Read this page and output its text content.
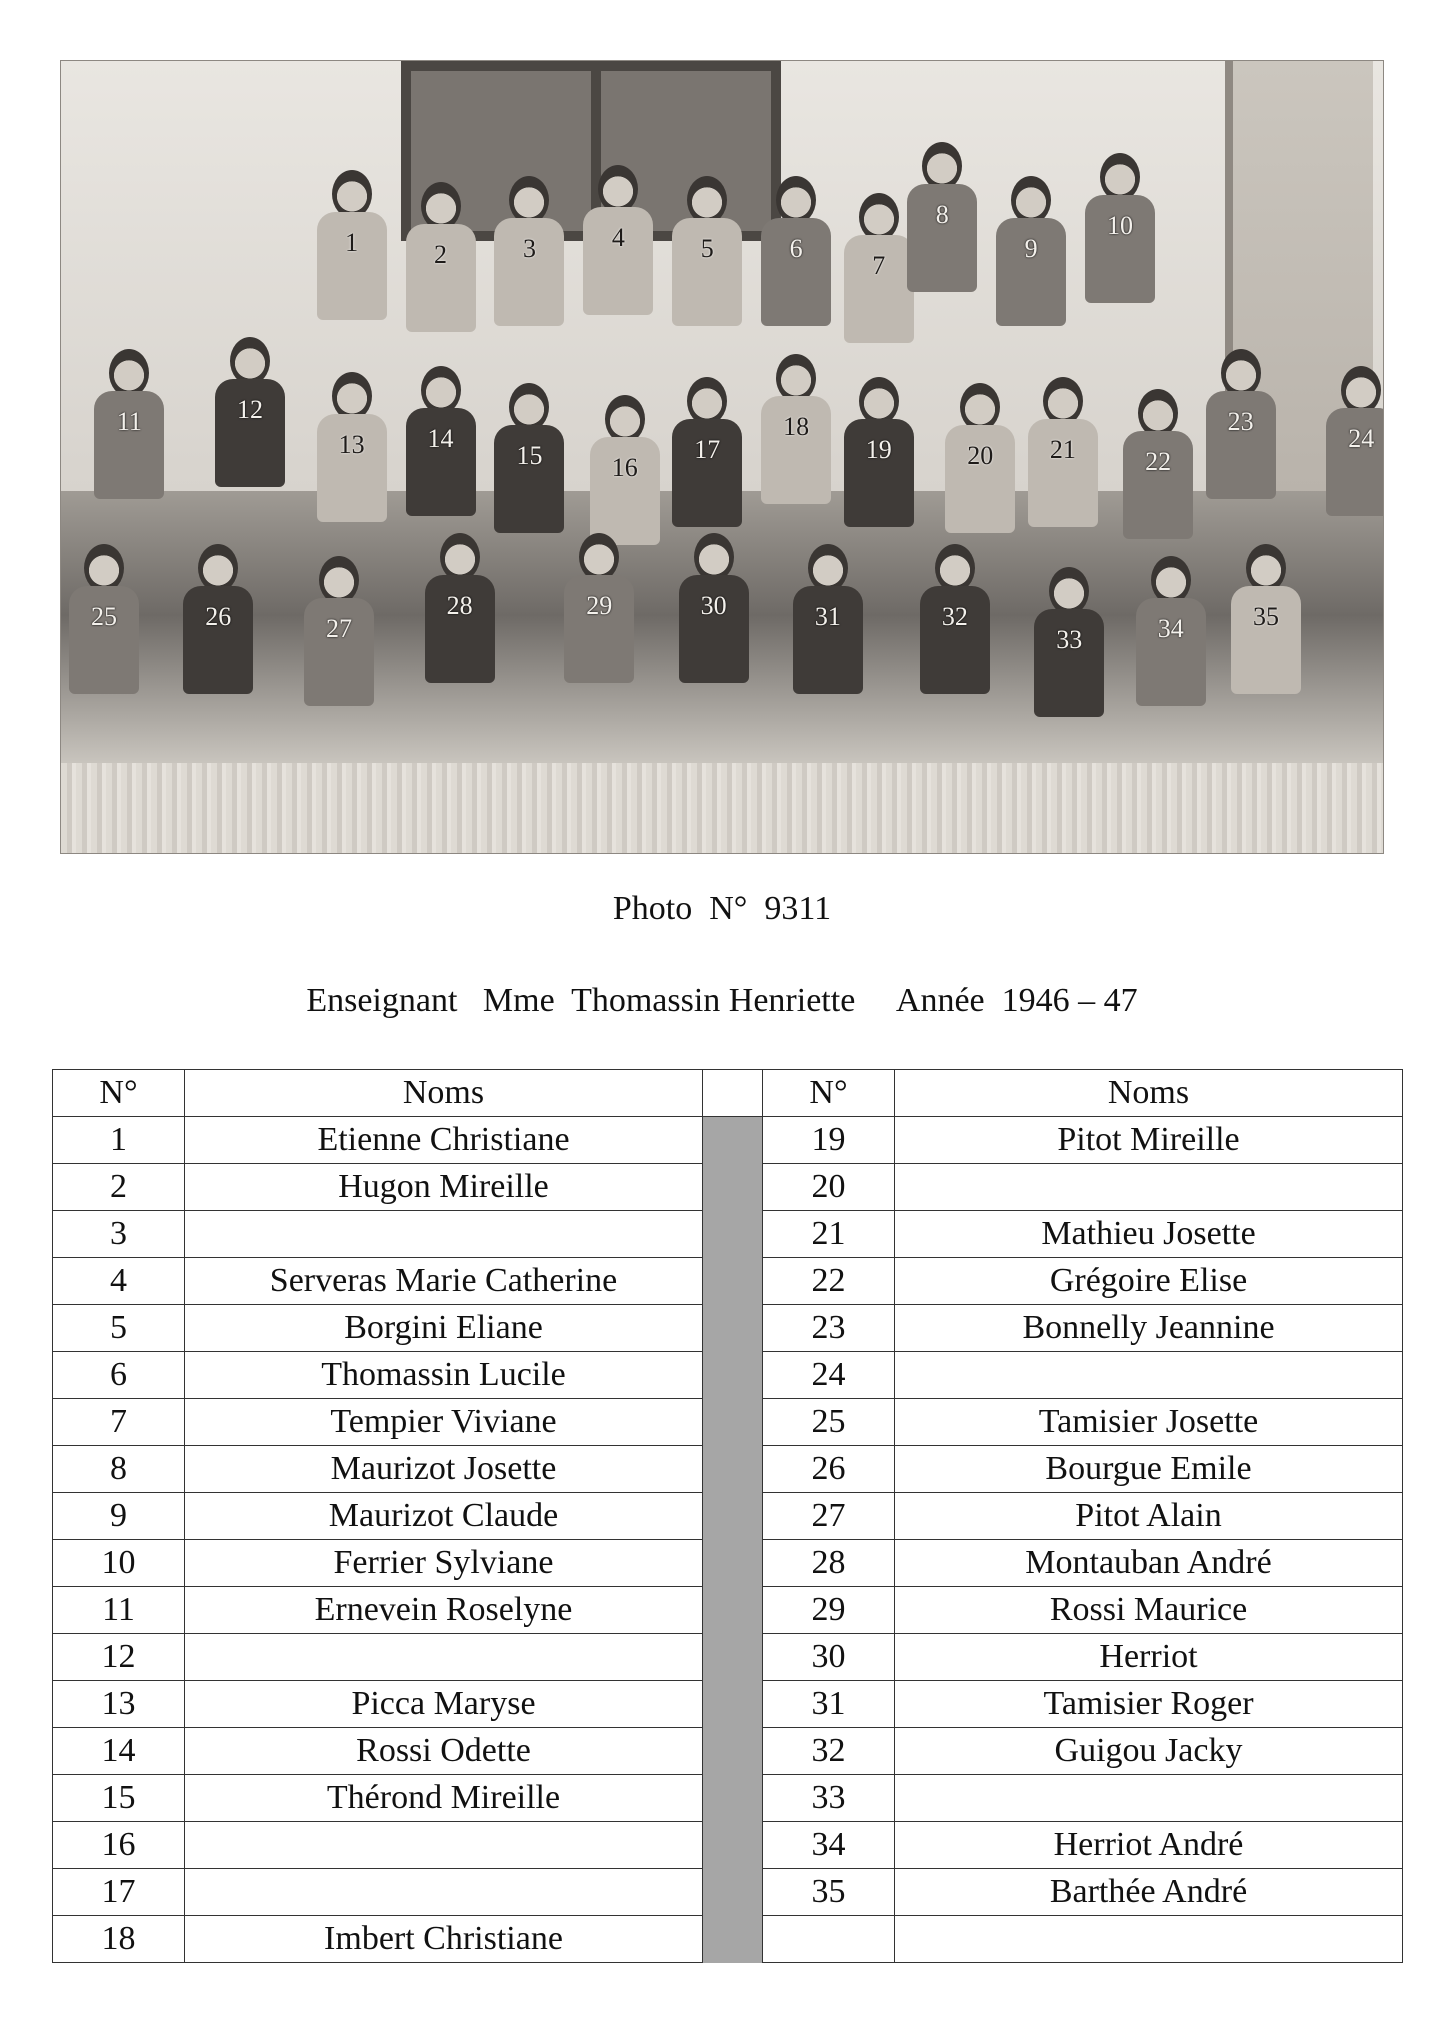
1	2	3	4	5	6
7
8
9
10
11	12
13	14
15	16
17
18
19	20	21	22
23
24
25	26	27
28	29	30	31	32
33	34	35
Photo N° 9311
Enseignant Mme  Thomassin Henriette Année 1946 – 47
N°	Noms		N°	Noms
1	Etienne Christiane		19	Pitot Mireille
2	Hugon Mireille		20	
3			21	Mathieu Josette
4	Serveras Marie Catherine		22	Grégoire Elise
5	Borgini Eliane		23	Bonnelly Jeannine
6	Thomassin Lucile		24	
7	Tempier Viviane		25	Tamisier Josette
8	Maurizot Josette		26	Bourgue Emile
9	Maurizot Claude		27	Pitot Alain
10	Ferrier Sylviane		28	Montauban André
11	Ernevein Roselyne		29	Rossi Maurice
12			30	Herriot
13	Picca Maryse		31	Tamisier Roger
14	Rossi Odette		32	Guigou Jacky
15	Thérond Mireille		33	
16			34	Herriot André
17			35	Barthée André
18	Imbert Christiane			
